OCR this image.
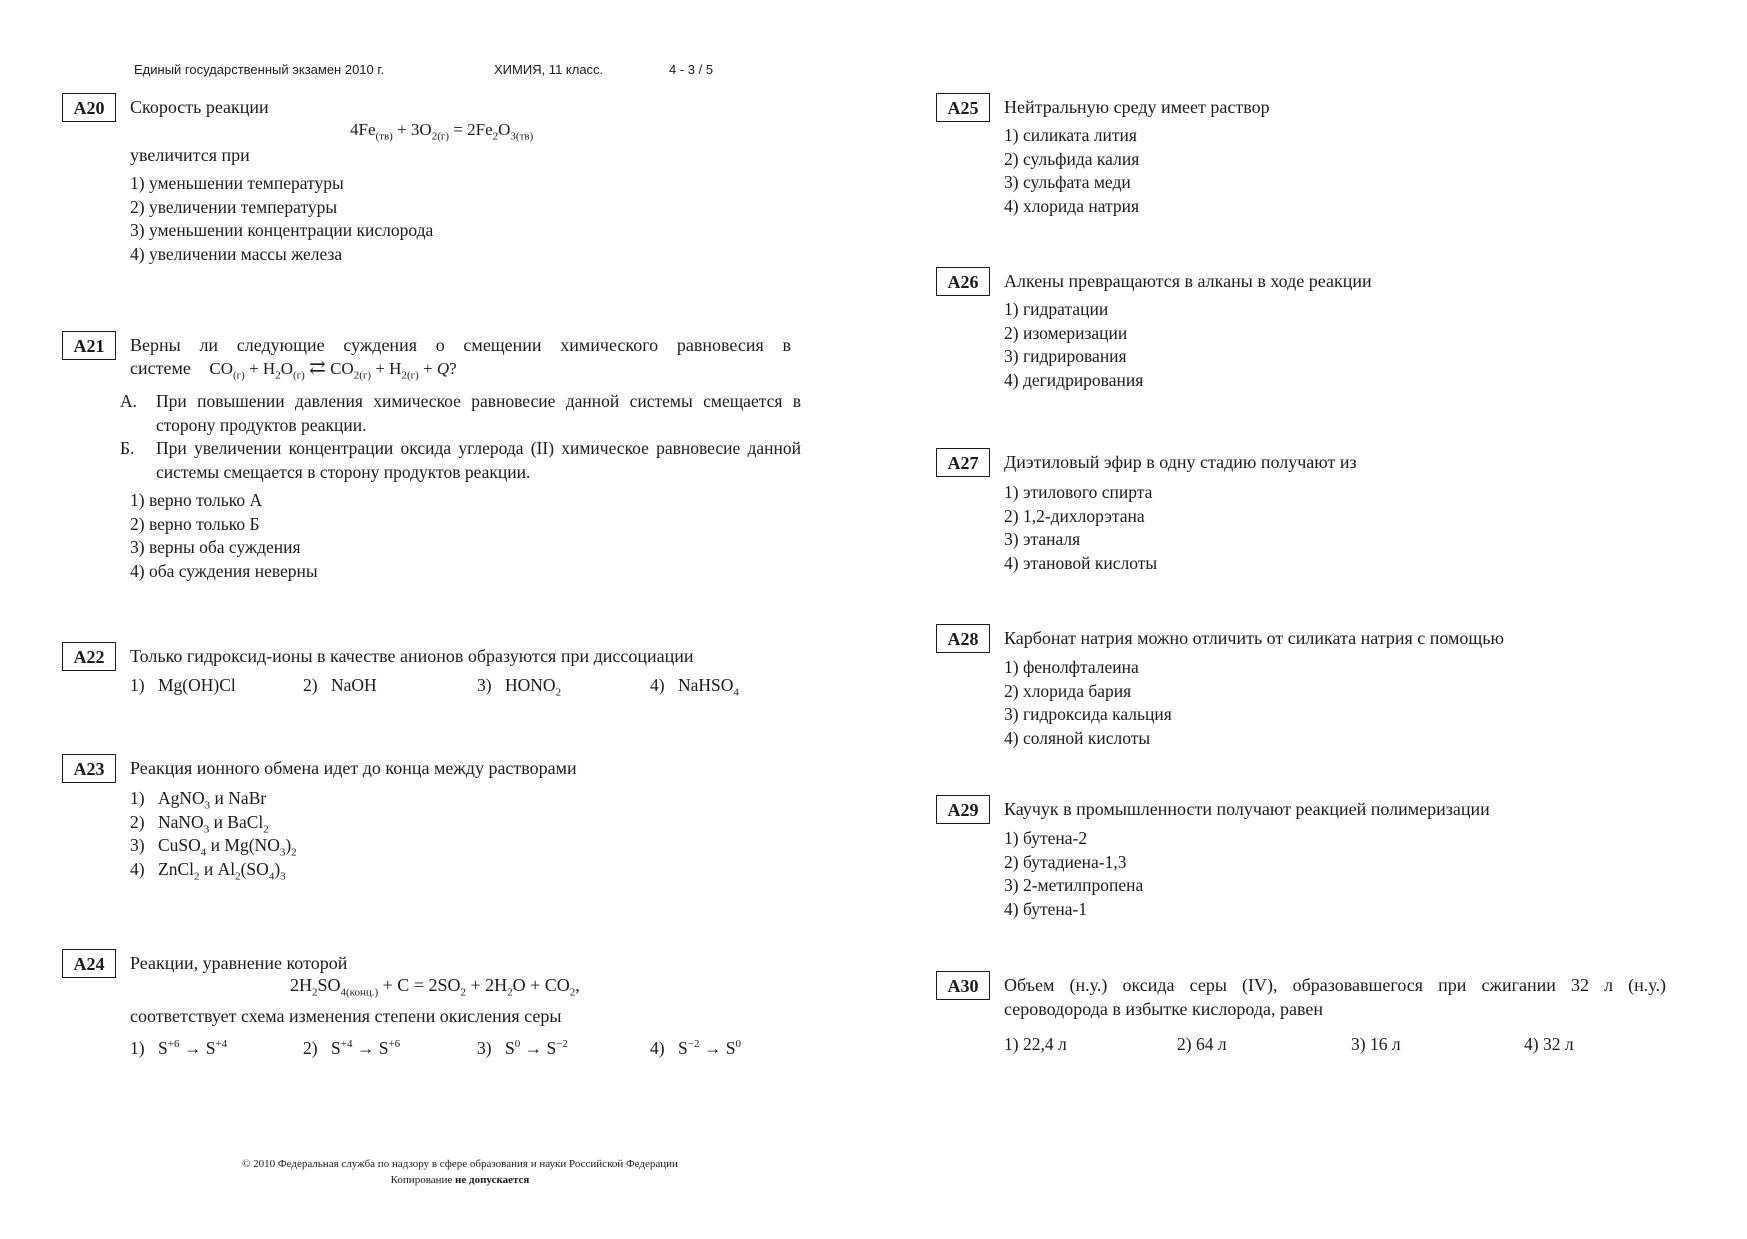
Единый государственный экзамен 2010 г.	ХИМИЯ, 11 класс.	4 - 3 / 5
A20	Скорость реакции
$4Fe_{(тв)} + 3O_{2(г)} = 2Fe_2O_{3(тв)}$
увеличится при
1) уменьшении температуры
2) увеличении температуры
3) уменьшении концентрации кислорода
4) увеличении массы железа
A21	Верны ли следующие суждения о смещении химического равновесия в
системе $CO_{(г)} + H_2O_{(г)}$ ⇄ $CO_{2(г)} + H_{2(г)} + Q$?
А. При повышении давления химическое равновесие данной системы смещается в сторону продуктов реакции.
Б. При увеличении концентрации оксида углерода (II) химическое равновесие данной системы смещается в сторону продуктов реакции.
1) верно только А
2) верно только Б
3) верны оба суждения
4) оба суждения неверны
A22	Только гидроксид-ионы в качестве анионов образуются при диссоциации
1) Mg(OH)Cl	2) NaOH	3) $HONO_2$	4) NaHSO$_4$
A23	Реакция ионного обмена идет до конца между растворами
1) AgNO$_3$ и NaBr
2) NaNO$_3$ и BaCl$_2$
3) CuSO$_4$ и $Mg(NO_3)_2$
4) ZnCl$_2$ и $Al_2(SO_4)_3$
A24	Реакции, уравнение которой
$2H_2SO_{4(конц.)} + C = 2SO_2 + 2H_2O + CO_2$,
соответствует схема изменения степени окисления серы
1) $S^{+6} \to S^{+4}$	2) $S^{+4} \to S^{+6}$	3) $S^0 \to S^{-2}$	4) $S^{-2} \to S^0$
A25	Нейтральную среду имеет раствор
1) силиката лития
2) сульфида калия
3) сульфата меди
4) хлорида натрия
A26	Алкены превращаются в алканы в ходе реакции
1) гидратации
2) изомеризации
3) гидрирования
4) дегидрирования
A27	Диэтиловый эфир в одну стадию получают из
1) этилового спирта
2) 1,2-дихлорэтана
3) этаналя
4) этановой кислоты
A28	Карбонат натрия можно отличить от силиката натрия с помощью
1) фенолфталеина
2) хлорида бария
3) гидроксида кальция
4) соляной кислоты
A29	Каучук в промышленности получают реакцией полимеризации
1) бутена-2
2) бутадиена-1,3
3) 2-метилпропена
4) бутена-1
A30	Объем (н.у.) оксида серы (IV), образовавшегося при сжигании 32 л (н.у.) сероводорода в избытке кислорода, равен
1) 22,4 л	2) 64 л	3) 16 л	4) 32 л
© 2010 Федеральная служба по надзору в сфере образования и науки Российской Федерации
Копирование не допускается
